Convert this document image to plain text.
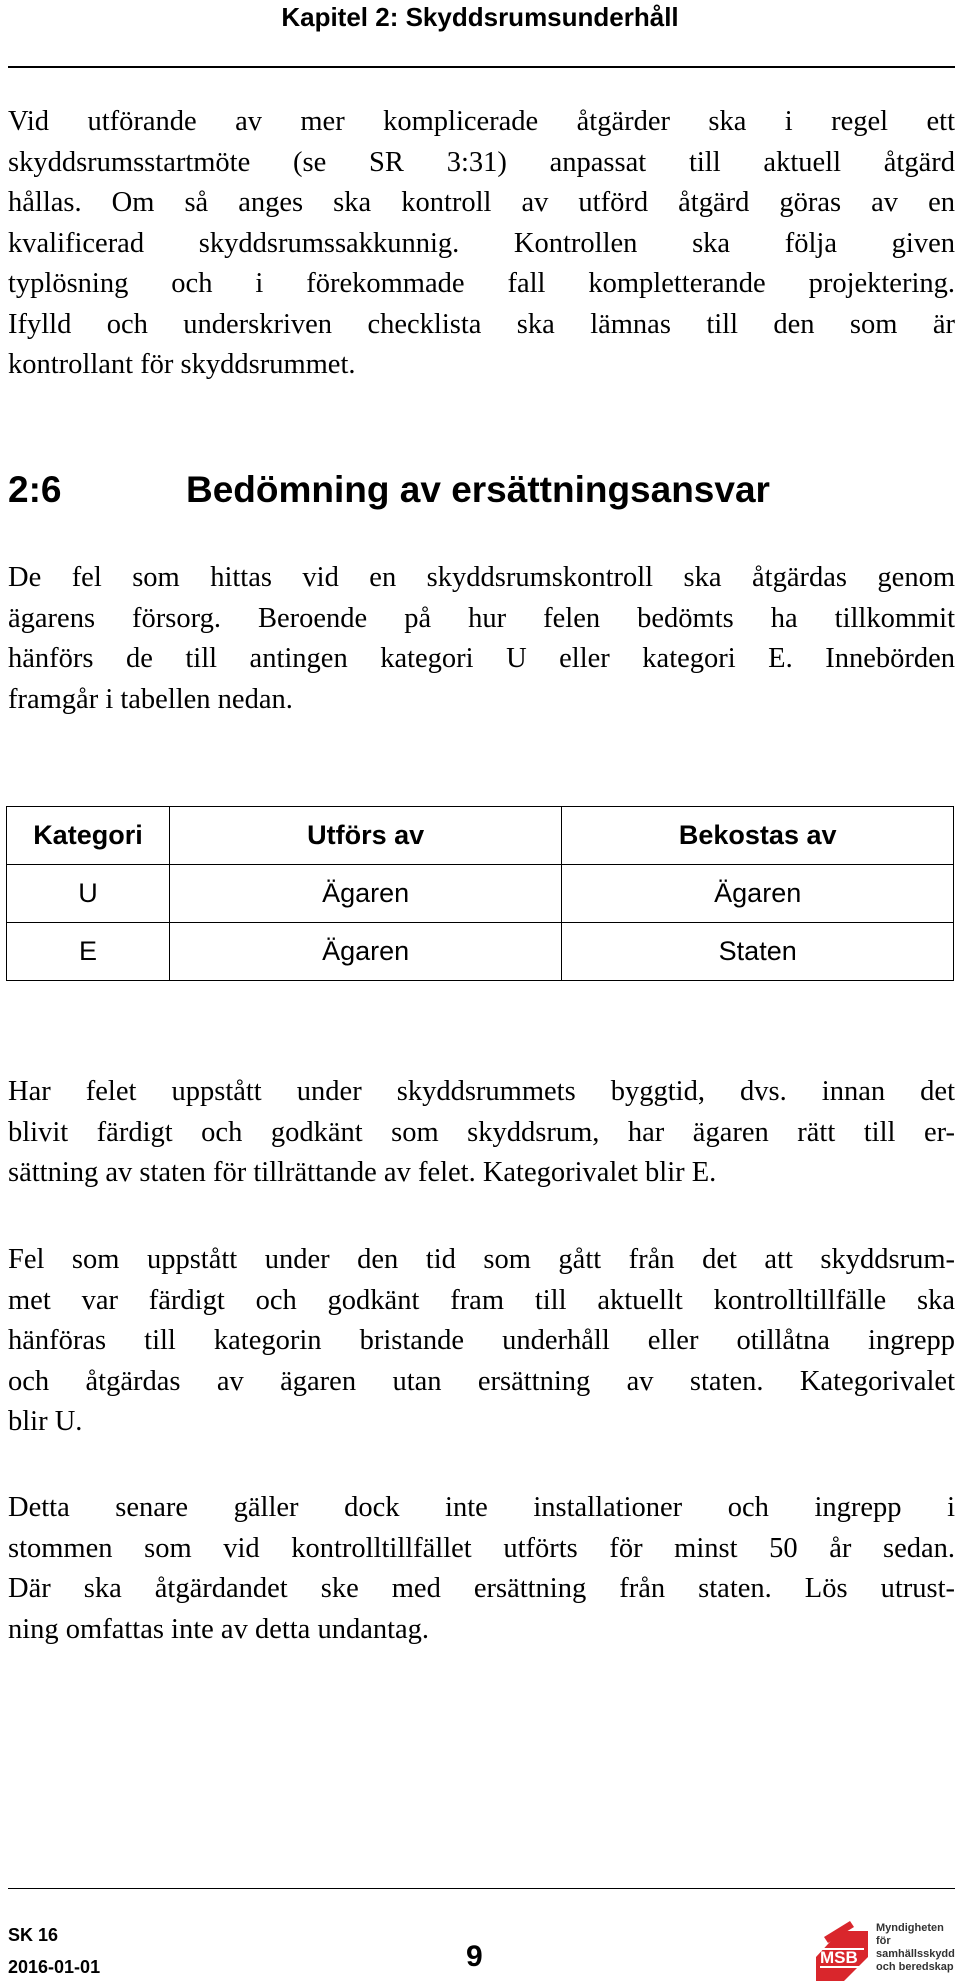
Kapitel 2: Skyddsrumsunderhåll
Vid utförande av mer komplicerade åtgärder ska i regel ett
skyddsrumsstartmöte (se SR 3:31) anpassat till aktuell åtgärd
hållas. Om så anges ska kontroll av utförd åtgärd göras av en
kvalificerad skyddsrumssakkunnig. Kontrollen ska följa given
typlösning och i förekommade fall kompletterande projektering.
Ifylld och underskriven checklista ska lämnas till den som är
kontrollant för skyddsrummet.
2:6	Bedömning av ersättningsansvar
De fel som hittas vid en skyddsrumskontroll ska åtgärdas genom
ägarens försorg. Beroende på hur felen bedömts ha tillkommit
hänförs de till antingen kategori U eller kategori E. Innebörden
framgår i tabellen nedan.
Kategori	Utförs av	Bekostas av
U	Ägaren	Ägaren
E	Ägaren	Staten
Har felet uppstått under skyddsrummets byggtid, dvs. innan det
blivit färdigt och godkänt som skyddsrum, har ägaren rätt till er-
sättning av staten för tillrättande av felet. Kategorivalet blir E.
Fel som uppstått under den tid som gått från det att skyddsrum-
met var färdigt och godkänt fram till aktuellt kontrolltillfälle ska
hänföras till kategorin bristande underhåll eller otillåtna ingrepp
och åtgärdas av ägaren utan ersättning av staten. Kategorivalet
blir U.
Detta senare gäller dock inte installationer och ingrepp i
stommen som vid kontrolltillfället utförts för minst 50 år sedan.
Där ska åtgärdandet ske med ersättning från staten. Lös utrust-
ning omfattas inte av detta undantag.
SK 16
2016-01-01	9	MSB
Myndigheten för
samhällsskydd
och beredskap
